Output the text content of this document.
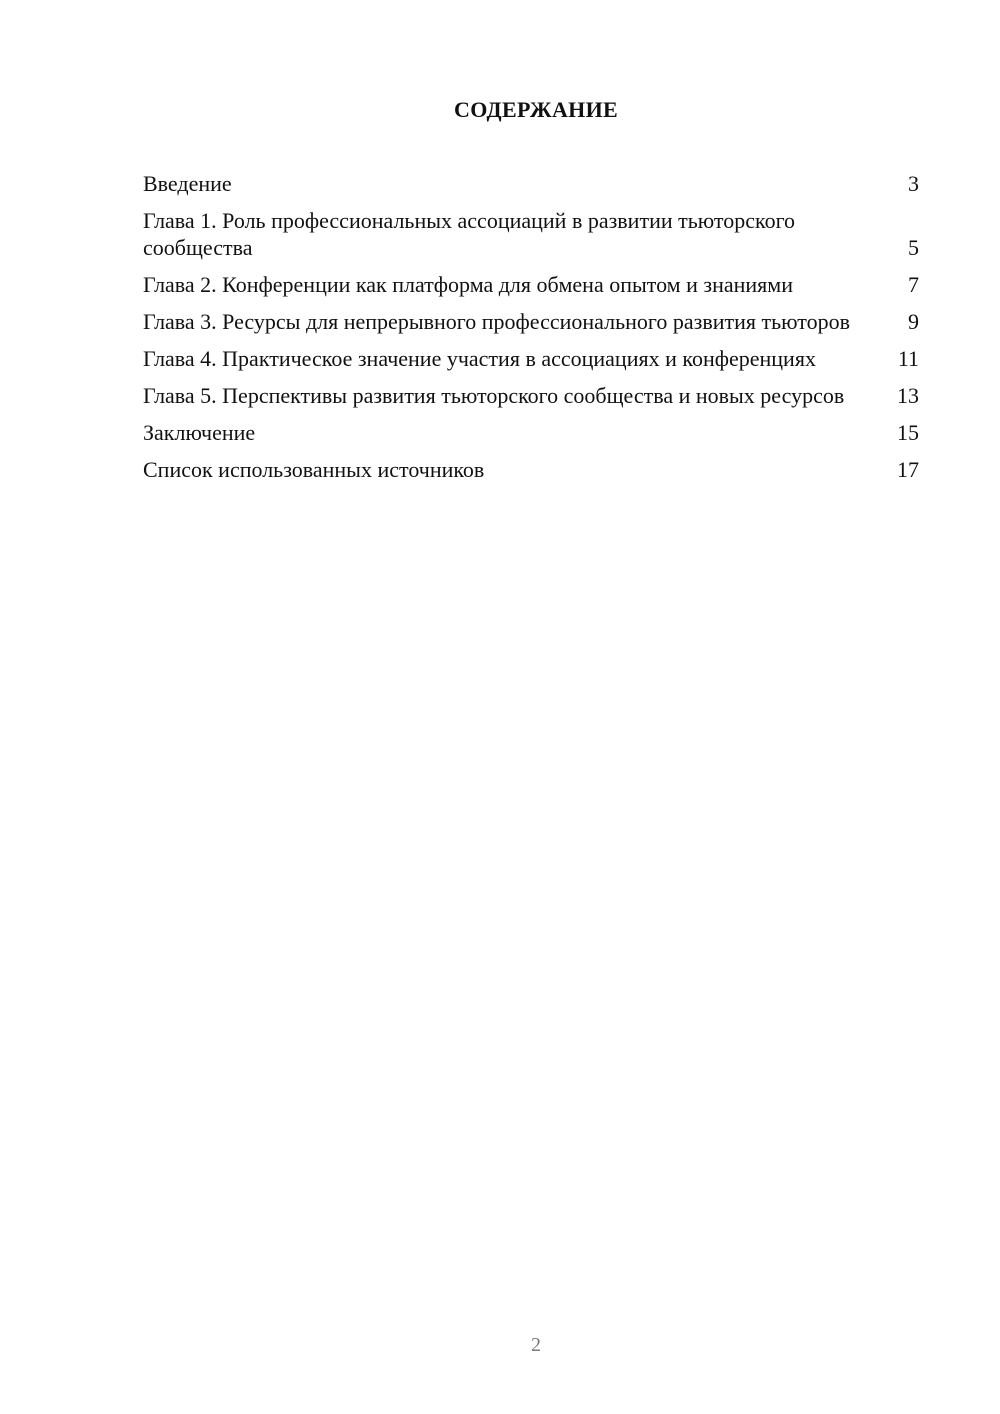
СОДЕРЖАНИЕ
Введение	3
Глава 1. Роль профессиональных ассоциаций в развитии тьюторского сообщества	5
Глава 2. Конференции как платформа для обмена опытом и знаниями	7
Глава 3. Ресурсы для непрерывного профессионального развития тьюторов	9
Глава 4. Практическое значение участия в ассоциациях и конференциях	11
Глава 5. Перспективы развития тьюторского сообщества и новых ресурсов	13
Заключение	15
Список использованных источников	17

2
